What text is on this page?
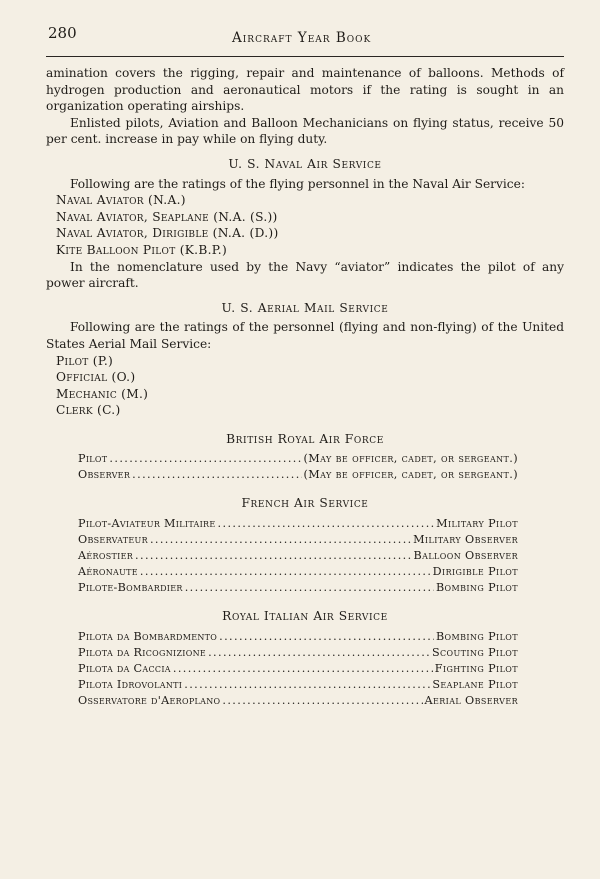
280	Aircraft Year Book

amination covers the rigging, repair and maintenance of balloons. Methods of hydrogen production and aeronautical motors if the rating is sought in an organization operating airships.

Enlisted pilots, Aviation and Balloon Mechanicians on flying status, receive 50 per cent. increase in pay while on flying duty.

U. S. Naval Air Service

Following are the ratings of the flying personnel in the Naval Air Service:

Naval Aviator (N.A.)

Naval Aviator, Seaplane (N.A. (S.))

Naval Aviator, Dirigible (N.A. (D.))

Kite Balloon Pilot (K.B.P.)

In the nomenclature used by the Navy “aviator” indicates the pilot of any power aircraft.

U. S. Aerial Mail Service

Following are the ratings of the personnel (flying and non-flying) of the United States Aerial Mail Service:

Pilot (P.)

Official (O.)

Mechanic (M.)

Clerk (C.)

British Royal Air Force
Pilot .....	(May be officer, cadet, or sergeant.)
Observer .....	(May be officer, cadet, or sergeant.)
French Air Service
Pilot-Aviateur Militaire .....	Military Pilot
Observateur .....	Military Observer
Aérostier .....	Balloon Observer
Aéronaute .....	Dirigible Pilot
Pilote-Bombardier .....	Bombing Pilot
Royal Italian Air Service
Pilota da Bombardmento .....	Bombing Pilot
Pilota da Ricognizione .....	Scouting Pilot
Pilota da Caccia .....	Fighting Pilot
Pilota Idrovolanti .....	Seaplane Pilot
Osservatore d'Aeroplano .....	Aerial Observer
